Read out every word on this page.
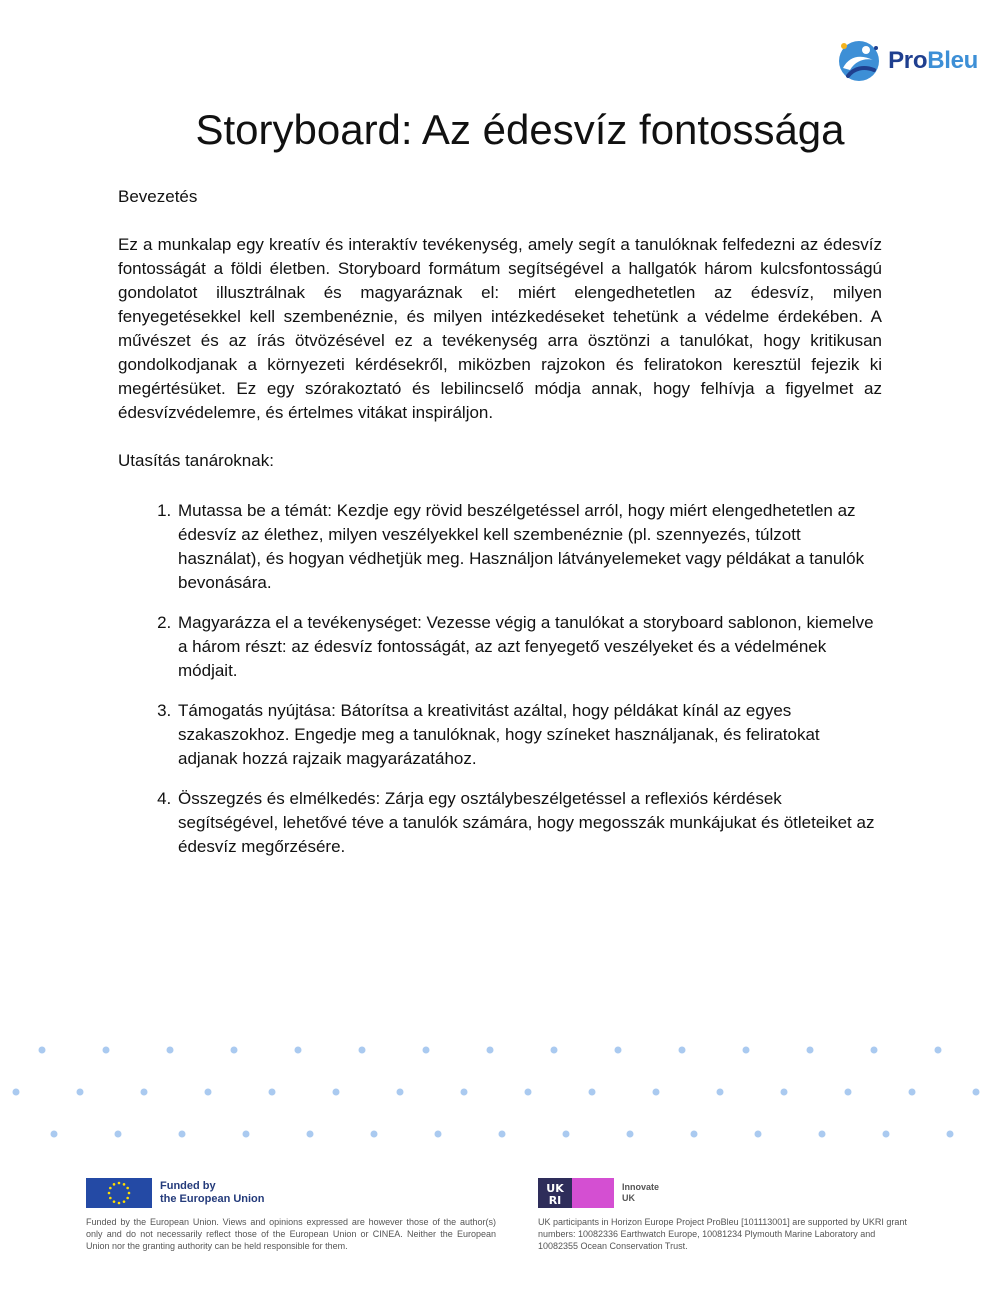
ProBleu
Storyboard: Az édesvíz fontossága

Bevezetés

Ez a munkalap egy kreatív és interaktív tevékenység, amely segít a tanulóknak felfedezni az édesvíz fontosságát a földi életben. Storyboard formátum segítségével a hallgatók három kulcsfontosságú gondolatot illusztrálnak és magyaráznak el: miért elengedhetetlen az édesvíz, milyen fenyegetésekkel kell szembenéznie, és milyen intézkedéseket tehetünk a védelme érdekében. A művészet és az írás ötvözésével ez a tevékenység arra ösztönzi a tanulókat, hogy kritikusan gondolkodjanak a környezeti kérdésekről, miközben rajzokon és feliratokon keresztül fejezik ki megértésüket. Ez egy szórakoztató és lebilincselő módja annak, hogy felhívja a figyelmet az édesvízvédelemre, és értelmes vitákat inspiráljon.

Utasítás tanároknak:

1. Mutassa be a témát: Kezdje egy rövid beszélgetéssel arról, hogy miért elengedhetetlen az édesvíz az élethez, milyen veszélyekkel kell szembenéznie (pl. szennyezés, túlzott használat), és hogyan védhetjük meg. Használjon látványelemeket vagy példákat a tanulók bevonására.
2. Magyarázza el a tevékenységet: Vezesse végig a tanulókat a storyboard sablonon, kiemelve a három részt: az édesvíz fontosságát, az azt fenyegető veszélyeket és a védelmének módjait.
3. Támogatás nyújtása: Bátorítsa a kreativitást azáltal, hogy példákat kínál az egyes szakaszokhoz. Engedje meg a tanulóknak, hogy színeket használjanak, és feliratokat adjanak hozzá rajzaik magyarázatához.
4. Összegzés és elmélkedés: Zárja egy osztálybeszélgetéssel a reflexiós kérdések segítségével, lehetővé téve a tanulók számára, hogy megosszák munkájukat és ötleteiket az édesvíz megőrzésére.
Funded by
the European Union
Funded by the European Union. Views and opinions expressed are however those of the author(s) only and do not necessarily reflect those of the European Union or CINEA. Neither the European Union nor the granting authority can be held responsible for them.
UK
RI
Innovate
UK
UK participants in Horizon Europe Project ProBleu [101113001] are supported by UKRI grant numbers: 10082336 Earthwatch Europe, 10081234 Plymouth Marine Laboratory and 10082355 Ocean Conservation Trust.
